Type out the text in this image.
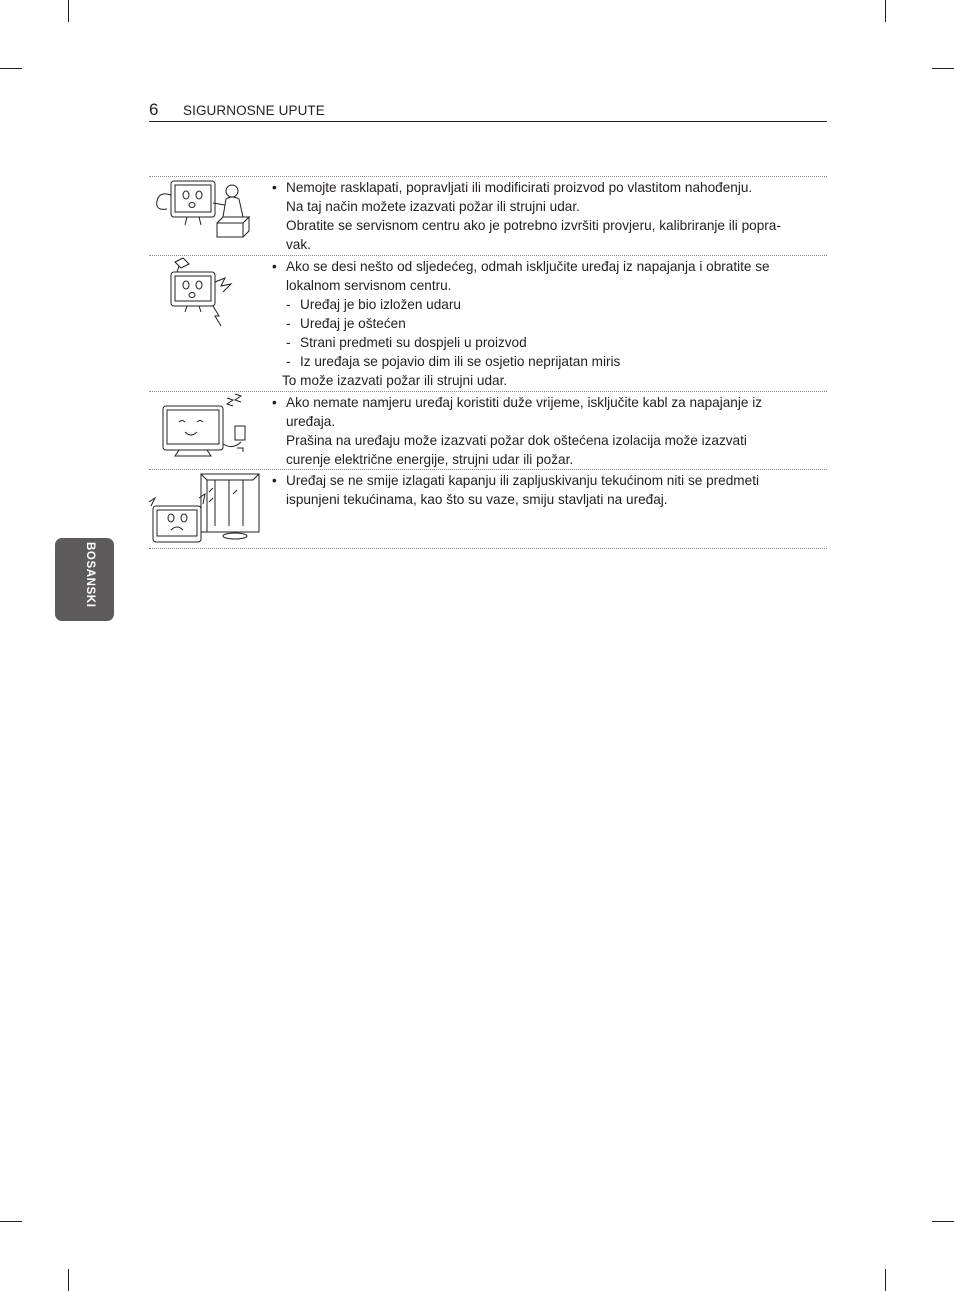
6 SIGURNOSNE UPUTE
BOSANSKI
• Nemojte rasklapati, popravljati ili modificirati proizvod po vlastitom nahođenju.
Na taj način možete izazvati požar ili strujni udar.
Obratite se servisnom centru ako je potrebno izvršiti provjeru, kalibriranje ili popra-
vak.
• Ako se desi nešto od sljedećeg, odmah isključite uređaj iz napajanja i obratite se
lokalnom servisnom centru.
- Uređaj je bio izložen udaru
- Uređaj je oštećen
- Strani predmeti su dospjeli u proizvod
- Iz uređaja se pojavio dim ili se osjetio neprijatan miris
To može izazvati požar ili strujni udar.
• Ako nemate namjeru uređaj koristiti duže vrijeme, isključite kabl za napajanje iz
uređaja.
Prašina na uređaju može izazvati požar dok oštećena izolacija može izazvati
curenje električne energije, strujni udar ili požar.
• Uređaj se ne smije izlagati kapanju ili zapljuskivanju tekućinom niti se predmeti
ispunjeni tekućinama, kao što su vaze, smiju stavljati na uređaj.
